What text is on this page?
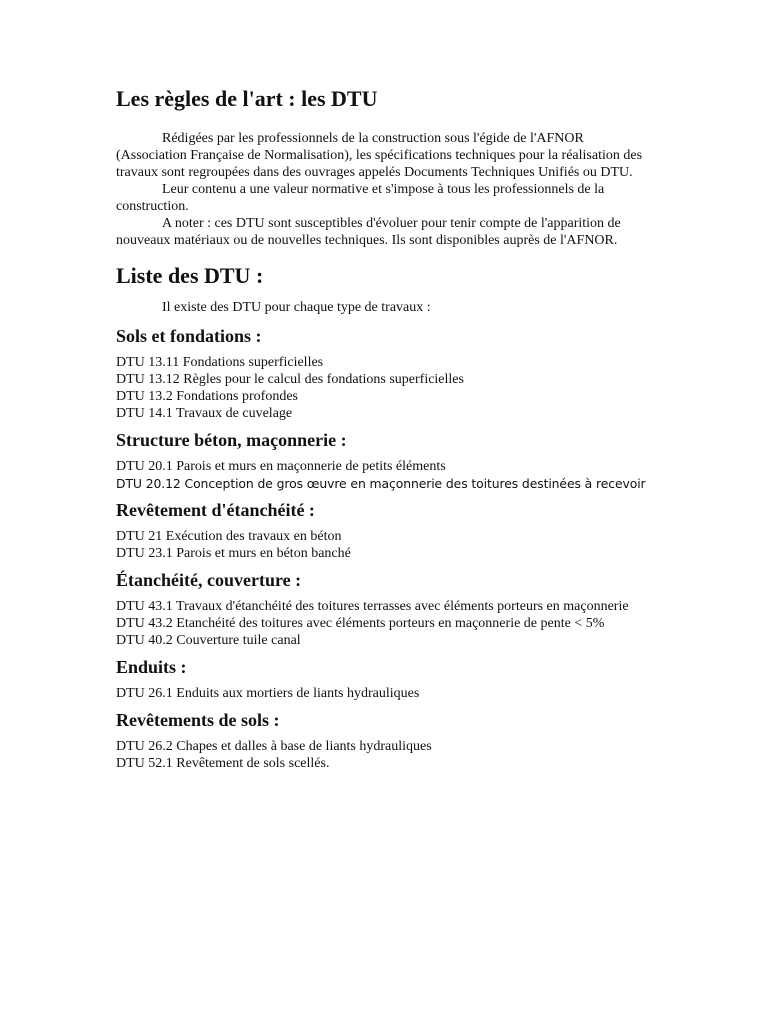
Les règles de l'art : les DTU

Rédigées par les professionnels de la construction sous l'égide de l'AFNOR (Association Française de Normalisation), les spécifications techniques pour la réalisation des travaux sont regroupées dans des ouvrages appelés Documents Techniques Unifiés ou DTU.

Leur contenu a une valeur normative et s'impose à tous les professionnels de la construction.

A noter : ces DTU sont susceptibles d'évoluer pour tenir compte de l'apparition de nouveaux matériaux ou de nouvelles techniques. Ils sont disponibles auprès de l'AFNOR.

Liste des DTU :

Il existe des DTU pour chaque type de travaux :

Sols et fondations :

DTU 13.11 Fondations superficielles

DTU 13.12 Règles pour le calcul des fondations superficielles

DTU 13.2 Fondations profondes

DTU 14.1 Travaux de cuvelage

Structure béton, maçonnerie :

DTU 20.1 Parois et murs en maçonnerie de petits éléments

DTU 20.12 Conception de gros œuvre en maçonnerie des toitures destinées à recevoir

Revêtement d'étanchéité :

DTU 21 Exécution des travaux en béton

DTU 23.1 Parois et murs en béton banché

Étanchéité, couverture :

DTU 43.1 Travaux d'étanchéité des toitures terrasses avec éléments porteurs en maçonnerie

DTU 43.2 Etanchéité des toitures avec éléments porteurs en maçonnerie de pente < 5%

DTU 40.2 Couverture tuile canal

Enduits :

DTU 26.1 Enduits aux mortiers de liants hydrauliques

Revêtements de sols :

DTU 26.2 Chapes et dalles à base de liants hydrauliques

DTU 52.1 Revêtement de sols scellés.
